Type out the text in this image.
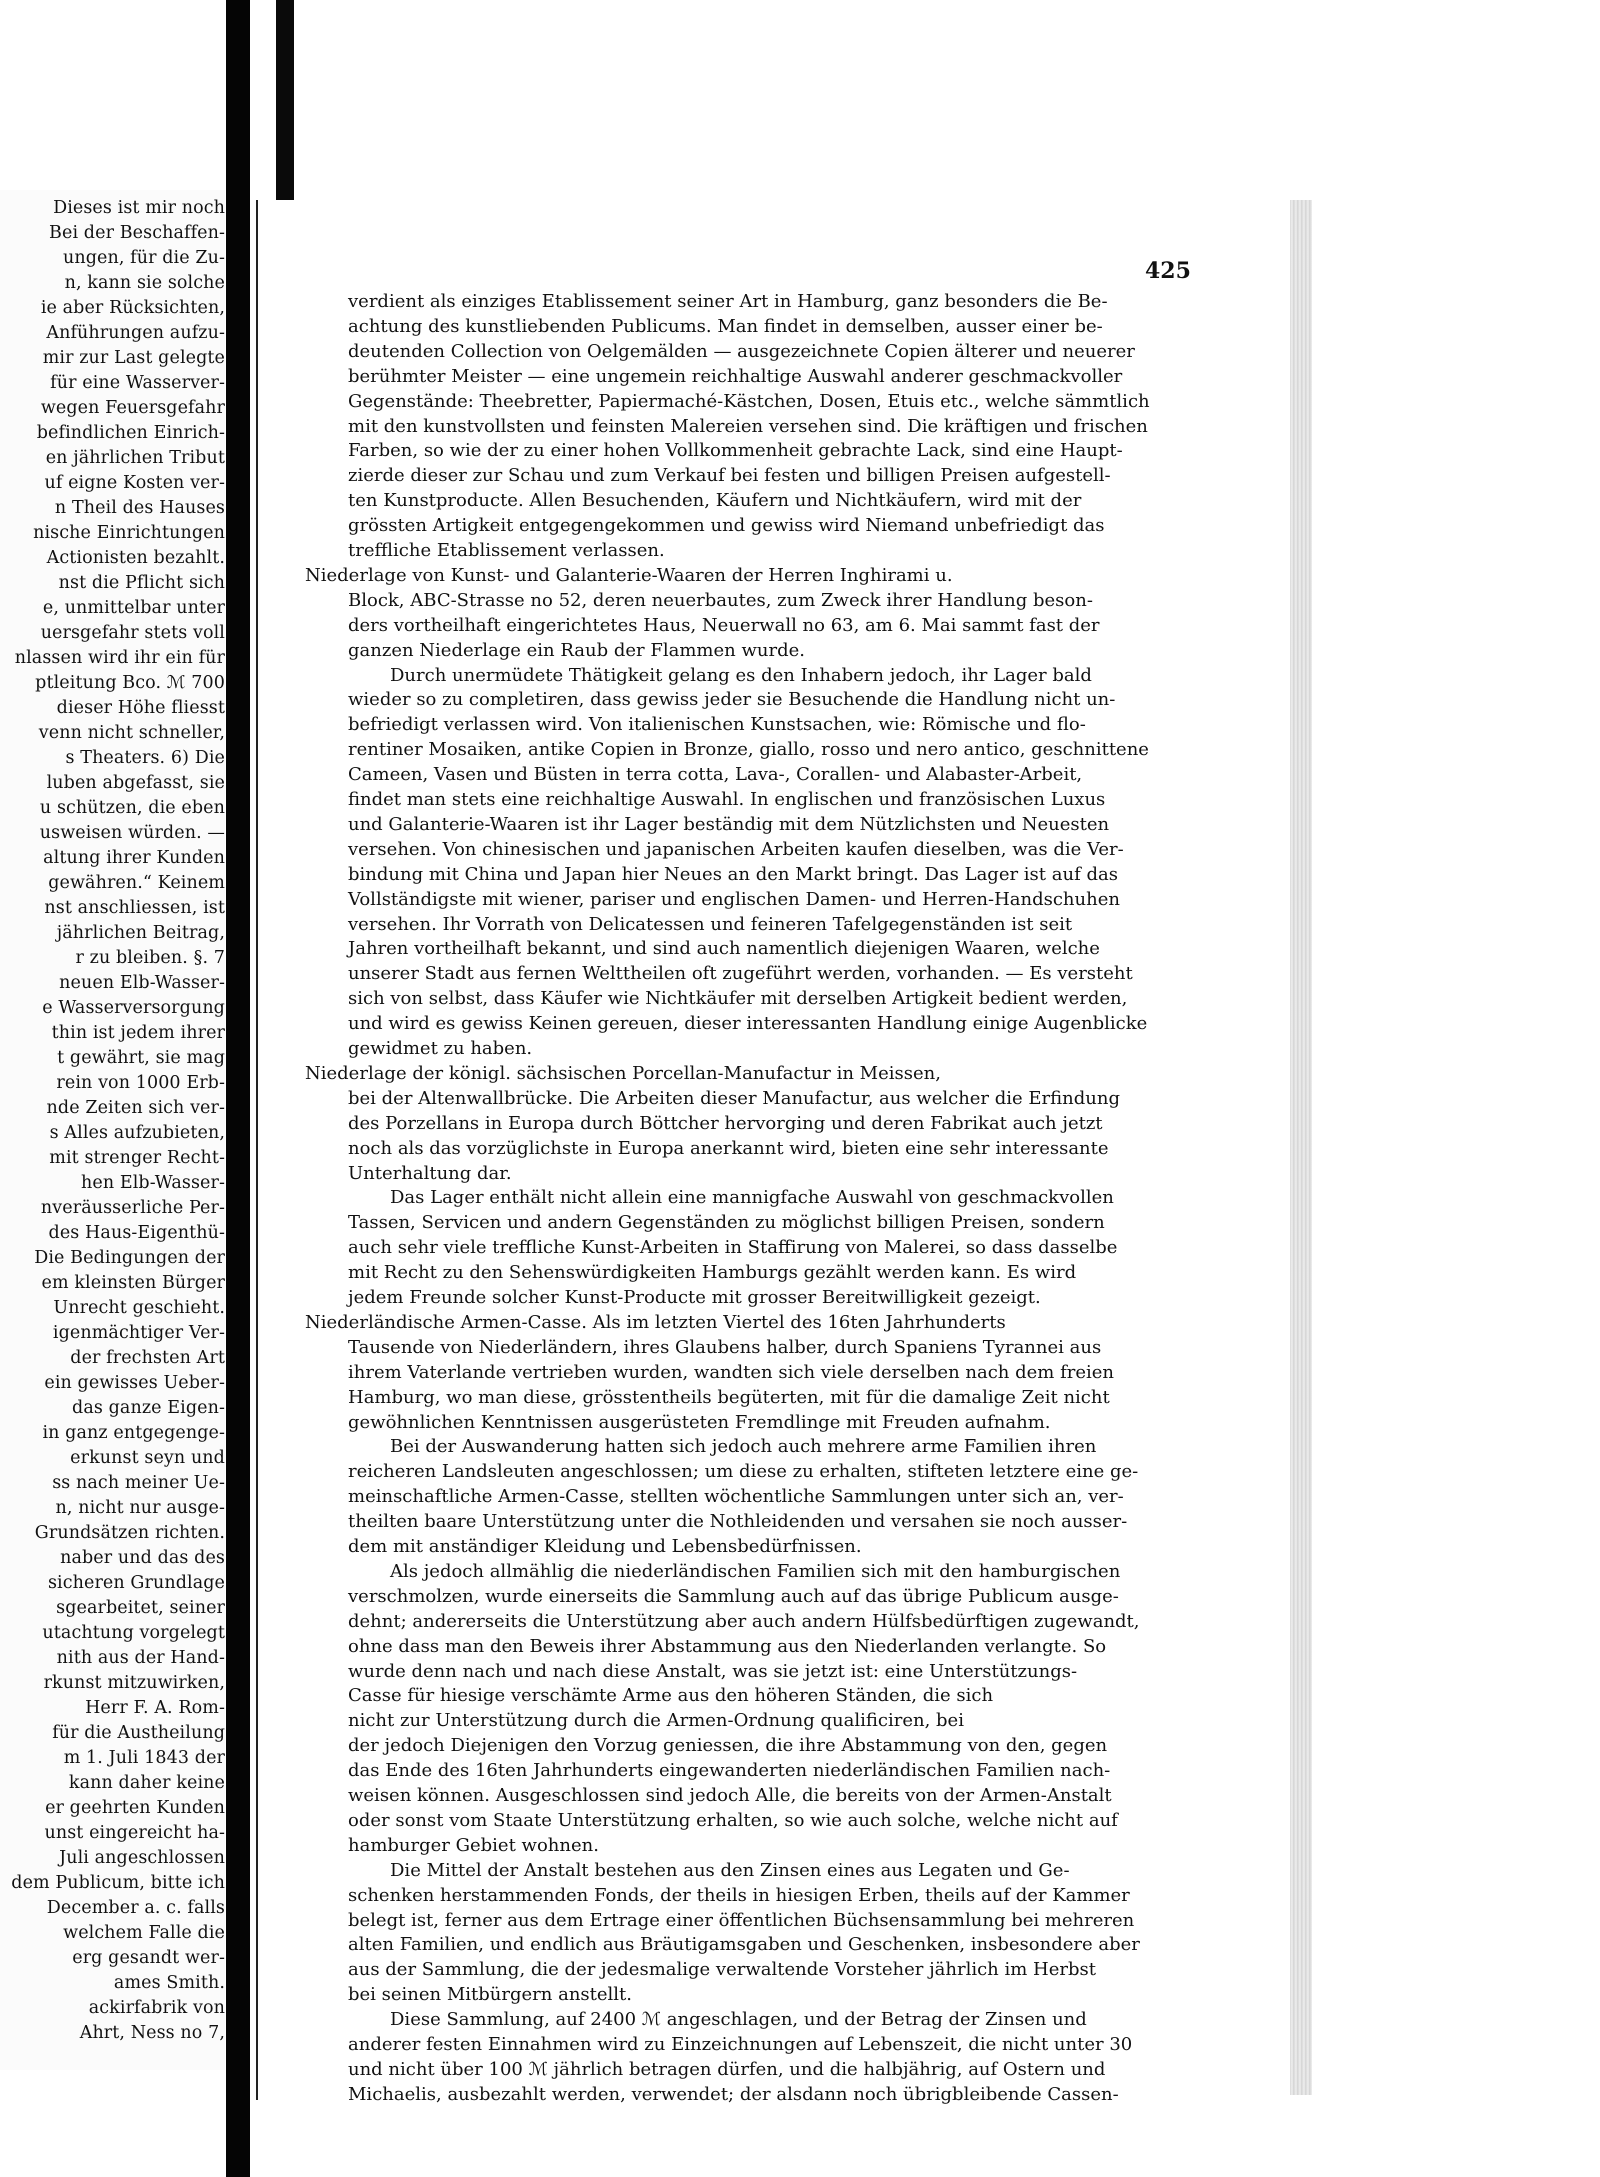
Dieses ist mir noch
Bei der Beschaffen-
ungen, für die Zu-
n, kann sie solche
ie aber Rücksichten,
Anführungen aufzu-
mir zur Last gelegte
für eine Wasserver-
wegen Feuersgefahr
befindlichen Einrich-
en jährlichen Tribut
uf eigne Kosten ver-
n Theil des Hauses
nische Einrichtungen
Actionisten bezahlt.
nst die Pflicht sich
e, unmittelbar unter
uersgefahr stets voll
nlassen wird ihr ein für
ptleitung Bco. ℳ 700
dieser Höhe fliesst
venn nicht schneller,
s Theaters. 6) Die
luben abgefasst, sie
u schützen, die eben
usweisen würden. —
altung ihrer Kunden
gewähren.“ Keinem
nst anschliessen, ist
jährlichen Beitrag,
r zu bleiben. §. 7
neuen Elb-Wasser-
e Wasserversorgung
thin ist jedem ihrer
t gewährt, sie mag
rein von 1000 Erb-
nde Zeiten sich ver-
s Alles aufzubieten,
mit strenger Recht-
hen Elb-Wasser-
nveräusserliche Per-
des Haus-Eigenthü-
Die Bedingungen der
em kleinsten Bürger
Unrecht geschieht.
igenmächtiger Ver-
der frechsten Art
ein gewisses Ueber-
das ganze Eigen-
in ganz entgegenge-
erkunst seyn und
ss nach meiner Ue-
n, nicht nur ausge-
Grundsätzen richten.
naber und das des
sicheren Grundlage
sgearbeitet, seiner
utachtung vorgelegt
nith aus der Hand-
rkunst mitzuwirken,
Herr F. A. Rom-
für die Austheilung
m 1. Juli 1843 der
kann daher keine
er geehrten Kunden
unst eingereicht ha-
Juli angeschlossen
dem Publicum, bitte ich
December a. c. falls
welchem Falle die
erg gesandt wer-
ames Smith.
ackirfabrik von
Ahrt, Ness no 7,
425
verdient als einziges Etablissement seiner Art in Hamburg, ganz besonders die Be-
achtung des kunstliebenden Publicums. Man findet in demselben, ausser einer be-
deutenden Collection von Oelgemälden — ausgezeichnete Copien älterer und neuerer
berühmter Meister — eine ungemein reichhaltige Auswahl anderer geschmackvoller
Gegenstände: Theebretter, Papiermaché-Kästchen, Dosen, Etuis etc., welche sämmtlich
mit den kunstvollsten und feinsten Malereien versehen sind. Die kräftigen und frischen
Farben, so wie der zu einer hohen Vollkommenheit gebrachte Lack, sind eine Haupt-
zierde dieser zur Schau und zum Verkauf bei festen und billigen Preisen aufgestell-
ten Kunstproducte. Allen Besuchenden, Käufern und Nichtkäufern, wird mit der
grössten Artigkeit entgegengekommen und gewiss wird Niemand unbefriedigt das
treffliche Etablissement verlassen.
Niederlage von Kunst- und Galanterie-Waaren der Herren Inghirami u.
Block, ABC-Strasse no 52, deren neuerbautes, zum Zweck ihrer Handlung beson-
ders vortheilhaft eingerichtetes Haus, Neuerwall no 63, am 6. Mai sammt fast der
ganzen Niederlage ein Raub der Flammen wurde.
Durch unermüdete Thätigkeit gelang es den Inhabern jedoch, ihr Lager bald
wieder so zu completiren, dass gewiss jeder sie Besuchende die Handlung nicht un-
befriedigt verlassen wird. Von italienischen Kunstsachen, wie: Römische und flo-
rentiner Mosaiken, antike Copien in Bronze, giallo, rosso und nero antico, geschnittene
Cameen, Vasen und Büsten in terra cotta, Lava-, Corallen- und Alabaster-Arbeit,
findet man stets eine reichhaltige Auswahl. In englischen und französischen Luxus
und Galanterie-Waaren ist ihr Lager beständig mit dem Nützlichsten und Neuesten
versehen. Von chinesischen und japanischen Arbeiten kaufen dieselben, was die Ver-
bindung mit China und Japan hier Neues an den Markt bringt. Das Lager ist auf das
Vollständigste mit wiener, pariser und englischen Damen- und Herren-Handschuhen
versehen. Ihr Vorrath von Delicatessen und feineren Tafelgegenständen ist seit
Jahren vortheilhaft bekannt, und sind auch namentlich diejenigen Waaren, welche
unserer Stadt aus fernen Welttheilen oft zugeführt werden, vorhanden. — Es versteht
sich von selbst, dass Käufer wie Nichtkäufer mit derselben Artigkeit bedient werden,
und wird es gewiss Keinen gereuen, dieser interessanten Handlung einige Augenblicke
gewidmet zu haben.
Niederlage der königl. sächsischen Porcellan-Manufactur in Meissen,
bei der Altenwallbrücke. Die Arbeiten dieser Manufactur, aus welcher die Erfindung
des Porzellans in Europa durch Böttcher hervorging und deren Fabrikat auch jetzt
noch als das vorzüglichste in Europa anerkannt wird, bieten eine sehr interessante
Unterhaltung dar.
Das Lager enthält nicht allein eine mannigfache Auswahl von geschmackvollen
Tassen, Servicen und andern Gegenständen zu möglichst billigen Preisen, sondern
auch sehr viele treffliche Kunst-Arbeiten in Staffirung von Malerei, so dass dasselbe
mit Recht zu den Sehenswürdigkeiten Hamburgs gezählt werden kann. Es wird
jedem Freunde solcher Kunst-Producte mit grosser Bereitwilligkeit gezeigt.
Niederländische Armen-Casse. Als im letzten Viertel des 16ten Jahrhunderts
Tausende von Niederländern, ihres Glaubens halber, durch Spaniens Tyrannei aus
ihrem Vaterlande vertrieben wurden, wandten sich viele derselben nach dem freien
Hamburg, wo man diese, grösstentheils begüterten, mit für die damalige Zeit nicht
gewöhnlichen Kenntnissen ausgerüsteten Fremdlinge mit Freuden aufnahm.
Bei der Auswanderung hatten sich jedoch auch mehrere arme Familien ihren
reicheren Landsleuten angeschlossen; um diese zu erhalten, stifteten letztere eine ge-
meinschaftliche Armen-Casse, stellten wöchentliche Sammlungen unter sich an, ver-
theilten baare Unterstützung unter die Nothleidenden und versahen sie noch ausser-
dem mit anständiger Kleidung und Lebensbedürfnissen.
Als jedoch allmählig die niederländischen Familien sich mit den hamburgischen
verschmolzen, wurde einerseits die Sammlung auch auf das übrige Publicum ausge-
dehnt; andererseits die Unterstützung aber auch andern Hülfsbedürftigen zugewandt,
ohne dass man den Beweis ihrer Abstammung aus den Niederlanden verlangte. So
wurde denn nach und nach diese Anstalt, was sie jetzt ist: eine Unterstützungs-
Casse für hiesige verschämte Arme aus den höheren Ständen, die sich
nicht zur Unterstützung durch die Armen-Ordnung qualificiren, bei
der jedoch Diejenigen den Vorzug geniessen, die ihre Abstammung von den, gegen
das Ende des 16ten Jahrhunderts eingewanderten niederländischen Familien nach-
weisen können. Ausgeschlossen sind jedoch Alle, die bereits von der Armen-Anstalt
oder sonst vom Staate Unterstützung erhalten, so wie auch solche, welche nicht auf
hamburger Gebiet wohnen.
Die Mittel der Anstalt bestehen aus den Zinsen eines aus Legaten und Ge-
schenken herstammenden Fonds, der theils in hiesigen Erben, theils auf der Kammer
belegt ist, ferner aus dem Ertrage einer öffentlichen Büchsensammlung bei mehreren
alten Familien, und endlich aus Bräutigamsgaben und Geschenken, insbesondere aber
aus der Sammlung, die der jedesmalige verwaltende Vorsteher jährlich im Herbst
bei seinen Mitbürgern anstellt.
Diese Sammlung, auf 2400 ℳ angeschlagen, und der Betrag der Zinsen und
anderer festen Einnahmen wird zu Einzeichnungen auf Lebenszeit, die nicht unter 30
und nicht über 100 ℳ jährlich betragen dürfen, und die halbjährig, auf Ostern und
Michaelis, ausbezahlt werden, verwendet; der alsdann noch übrigbleibende Cassen-
